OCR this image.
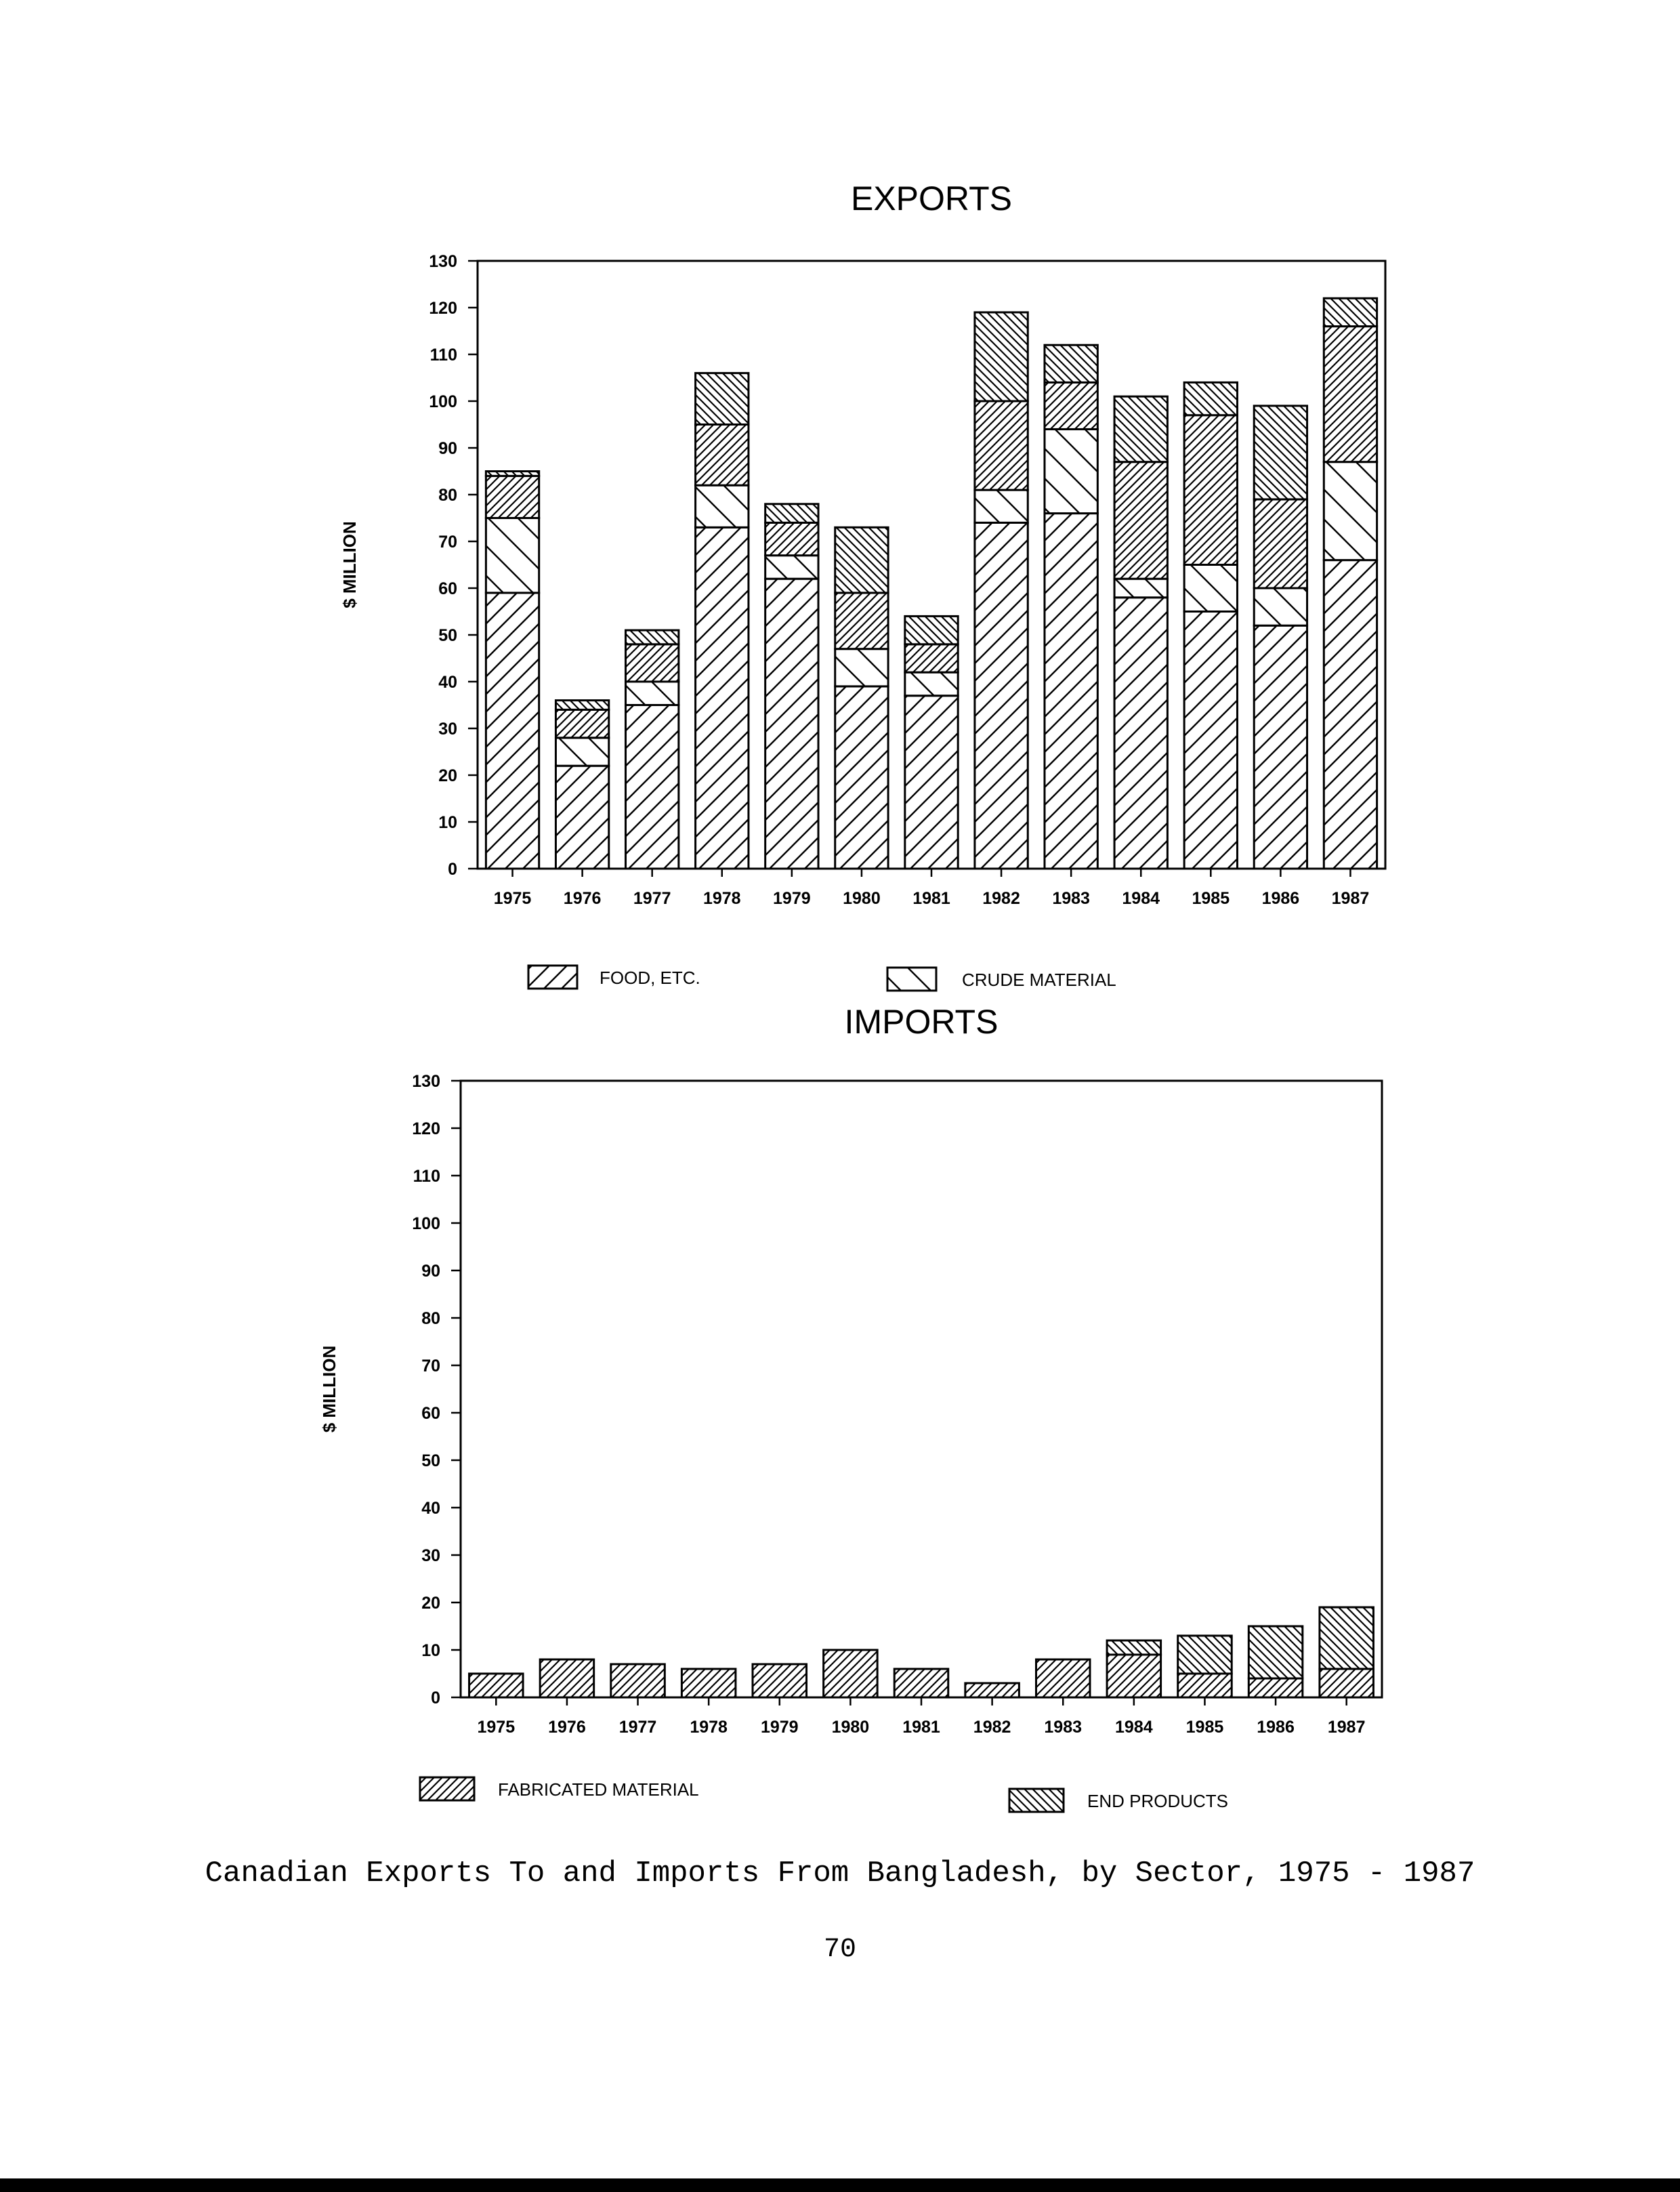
EXPORTS
$ MILLION
0
10
20
30
40
50
60
70
80
90
100
110
120
130
1975 1976 1977 1978 1979 1980 1981 1982 1983 1984 1985 1986 1987
FOOD, ETC.	CRUDE MATERIAL
IMPORTS
$ MILLION
0
10
20
30
40
50
60
70
80
90
100
110
120
130
1975 1976 1977 1978 1979 1980 1981 1982 1983 1984 1985 1986 1987
FABRICATED MATERIAL
END PRODUCTS
Canadian Exports To and Imports From Bangladesh, by Sector, 1975 - 1987
70
